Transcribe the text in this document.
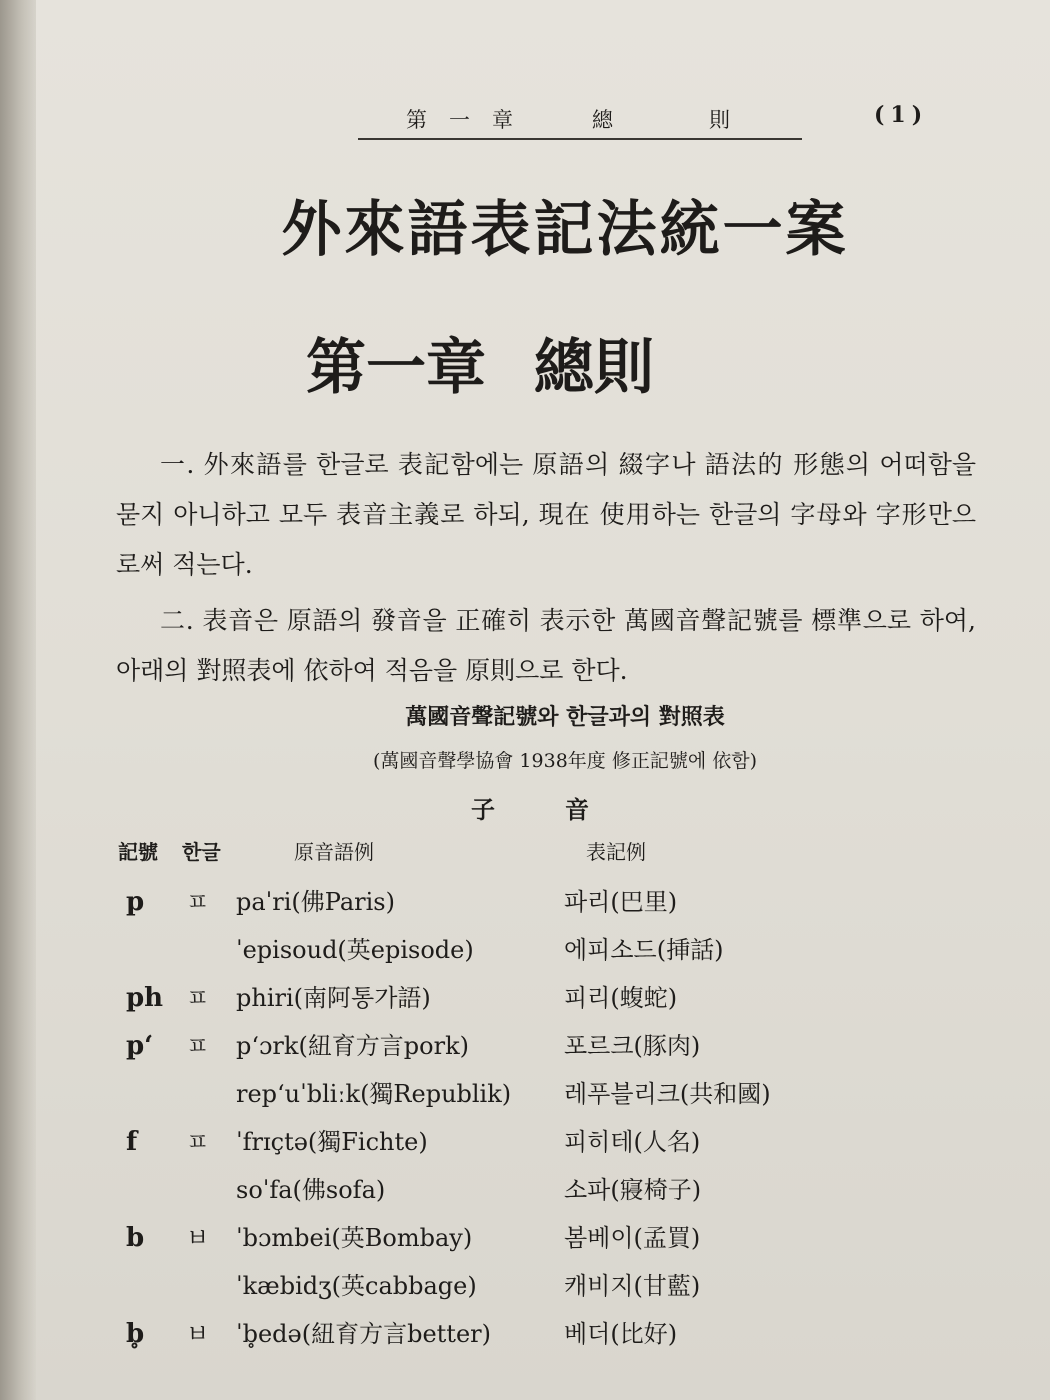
第一章	總則 (1)
外來語表記法統一案
第一章 總則
一. 外來語를 한글로 表記함에는 原語의 綴字나 語法的 形態의 어떠함을 묻지 아니하고 모두 表音主義로 하되, 現在 使用하는 한글의 字母와 字形만으로써 적는다.
二. 表音은 原語의 發音을 正確히 表示한 萬國音聲記號를 標準으로 하여, 아래의 對照表에 依하여 적음을 原則으로 한다.
萬國音聲記號와 한글과의 對照表
(萬國音聲學協會 1938年度 修正記號에 依함)
子音
記號 한글	原音語例	表記例
p ㅍ paˈri(佛Paris)	파리(巴里)
ˈepisoud(英episode)	에피소드(挿話)
ph ㅍ phiri(南阿통가語)	피리(蝮蛇)
p‘ ㅍ p‘ɔrk(紐育方言pork)	포르크(豚肉)
rep‘uˈbliːk(獨Republik) 레푸블리크(共和國)
f ㅍ ˈfrɪçtə(獨Fichte)	피히테(人名)
soˈfa(佛sofa)	소파(寢椅子)
b ㅂ ˈbɔmbei(英Bombay)	봄베이(孟買)
ˈkæbidʒ(英cabbage)	캐비지(甘藍)
b̥ ㅂ ˈb̥edə(紐育方言better)	베더(比好)
